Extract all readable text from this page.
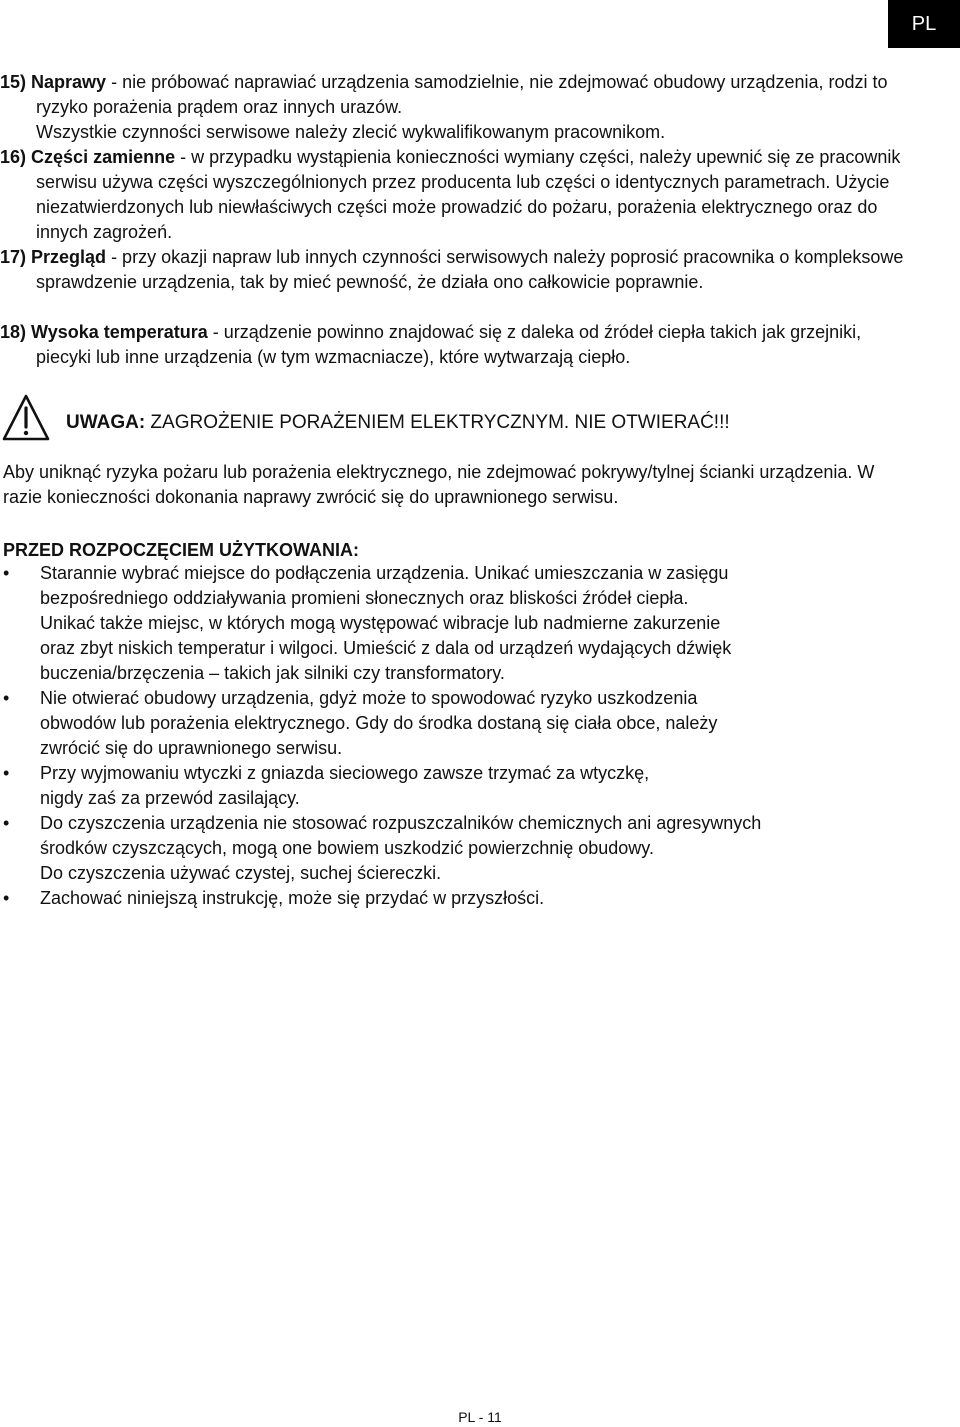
PL

15) Naprawy - nie próbować naprawiać urządzenia samodzielnie, nie zdejmować obudowy urządzenia, rodzi to ryzyko porażenia prądem oraz innych urazów.

Wszystkie czynności serwisowe należy zlecić wykwalifikowanym pracownikom.

16) Części zamienne - w przypadku wystąpienia konieczności wymiany części, należy upewnić się ze pracownik serwisu używa części wyszczególnionych przez producenta lub części o identycznych parametrach. Użycie niezatwierdzonych lub niewłaściwych części może prowadzić do pożaru, porażenia elektrycznego oraz do innych zagrożeń.

17) Przegląd - przy okazji napraw lub innych czynności serwisowych należy poprosić pracownika o kompleksowe sprawdzenie urządzenia, tak by mieć pewność, że działa ono całkowicie poprawnie.

18) Wysoka temperatura - urządzenie powinno znajdować się z daleka od źródeł ciepła takich jak grzejniki, piecyki lub inne urządzenia (w tym wzmacniacze), które wytwarzają ciepło.

UWAGA: ZAGROŻENIE PORAŻENIEM ELEKTRYCZNYM. NIE OTWIERAĆ!!!

Aby uniknąć ryzyka pożaru lub porażenia elektrycznego, nie zdejmować pokrywy/tylnej ścianki urządzenia. W razie konieczności dokonania naprawy zwrócić się do uprawnionego serwisu.

PRZED ROZPOCZĘCIEM UŻYTKOWANIA:

• Starannie wybrać miejsce do podłączenia urządzenia. Unikać umieszczania w zasięgu
bezpośredniego oddziaływania promieni słonecznych oraz bliskości źródeł ciepła.
Unikać także miejsc, w których mogą występować wibracje lub nadmierne zakurzenie
oraz zbyt niskich temperatur i wilgoci. Umieścić z dala od urządzeń wydających dźwięk
buczenia/brzęczenia – takich jak silniki czy transformatory.
• Nie otwierać obudowy urządzenia, gdyż może to spowodować ryzyko uszkodzenia
obwodów lub porażenia elektrycznego. Gdy do środka dostaną się ciała obce, należy
zwrócić się do uprawnionego serwisu.
• Przy wyjmowaniu wtyczki z gniazda sieciowego zawsze trzymać za wtyczkę,
nigdy zaś za przewód zasilający.
• Do czyszczenia urządzenia nie stosować rozpuszczalników chemicznych ani agresywnych
środków czyszczących, mogą one bowiem uszkodzić powierzchnię obudowy.
Do czyszczenia używać czystej, suchej ściereczki.
• Zachować niniejszą instrukcję, może się przydać w przyszłości.
PL - 11
